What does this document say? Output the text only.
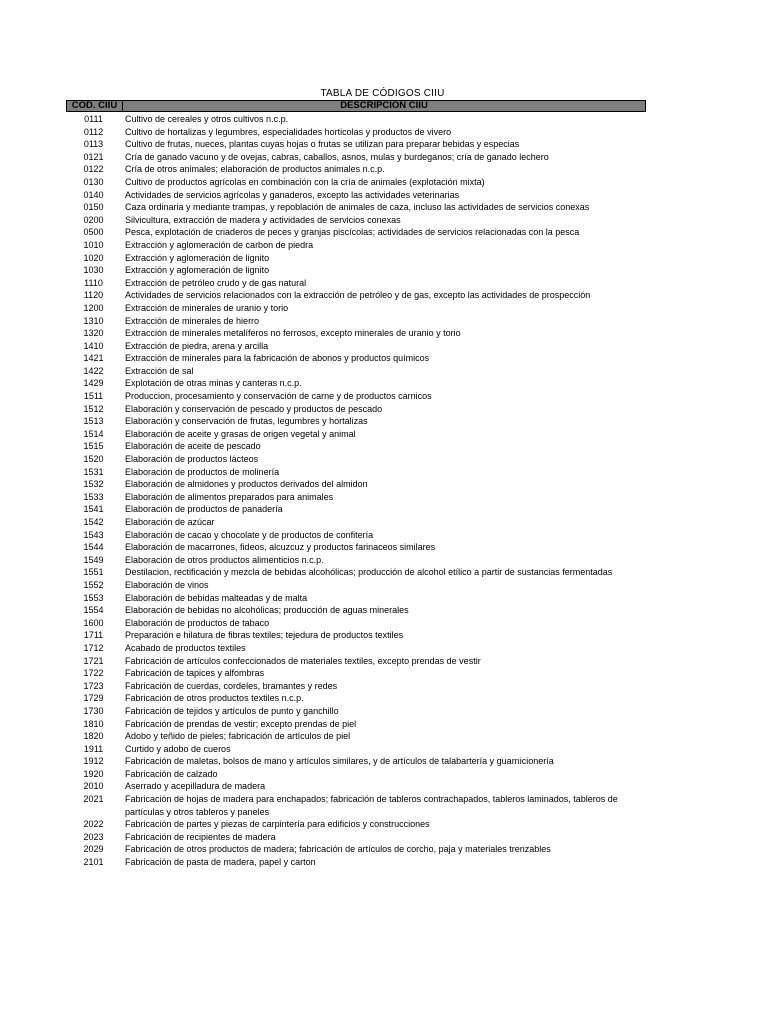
TABLA DE CÓDIGOS CIIU
COD. CIIU	DESCRIPCION CIIU
0111	Cultivo de cereales y otros cultivos n.c.p.
0112	Cultivo de hortalizas y legumbres, especialidades horticolas y productos de vivero
0113	Cultivo de frutas, nueces, plantas cuyas hojas o frutas se utilizan para preparar bebidas y especias
0121	Cría de ganado vacuno y de ovejas, cabras, caballos, asnos, mulas y burdeganos; cría de ganado lechero
0122	Cría de otros animales; elaboración de productos animales n.c.p.
0130	Cultivo de productos agrícolas en combinación con la cría de animales (explotación mixta)
0140	Actividades de servicios agrícolas y ganaderos, excepto las actividades veterinarias
0150	Caza ordinaria y mediante trampas, y repoblación de animales de caza, incluso las actividades de servicios conexas
0200	Silvicultura, extracción de madera y actividades de servicios conexas
0500	Pesca, explotación de criaderos de peces y granjas piscícolas; actividades de servicios relacionadas con la pesca
1010	Extracción y aglomeración de carbon de piedra
1020	Extracción y aglomeración de lignito
1030	Extracción y aglomeración de lignito
1110	Extracción de petróleo crudo y de gas natural
1120	Actividades de servicios relacionados con la extracción de petróleo y de gas, excepto las actividades de prospección
1200	Extracción de minerales de uranio y torio
1310	Extracción de minerales de hierro
1320	Extracción de minerales metalíferos no ferrosos, excepto minerales de uranio y torio
1410	Extracción de piedra, arena y arcilla
1421	Extracción de minerales para la fabricación de abonos y productos químicos
1422	Extracción de sal
1429	Explotación de otras minas y canteras n.c.p.
1511	Produccion, procesamiento y conservación de carne y de productos carnicos
1512	Elaboración y conservación de pescado y productos de pescado
1513	Elaboración y conservación de frutas, legumbres y hortalizas
1514	Elaboración de aceite y grasas de origen vegetal y animal
1515	Elaboración de aceite de pescado
1520	Elaboración de productos lácteos
1531	Elaboración de productos de molinería
1532	Elaboración de almidones y productos derivados del almidon
1533	Elaboración de alimentos preparados para animales
1541	Elaboración de productos de panadería
1542	Elaboración de azúcar
1543	Elaboración de cacao y chocolate y de productos de confitería
1544	Elaboración de macarrones, fideos, alcuzcuz y productos farinaceos similares
1549	Elaboración de otros productos alimenticios n.c.p.
1551	Destilacion, rectificación y mezcla de bebidas alcohólicas; producción de alcohol etílico a partir de sustancias fermentadas
1552	Elaboración de vinos
1553	Elaboración de bebidas malteadas y de malta
1554	Elaboración de bebidas no alcohólicas; producción de aguas minerales
1600	Elaboración de productos de tabaco
1711	Preparación e hilatura de fibras textiles; tejedura de productos textiles
1712	Acabado de productos textiles
1721	Fabricación de artículos confeccionados de materiales textiles, excepto prendas de vestir
1722	Fabricación de tapices y alfombras
1723	Fabricación de cuerdas, cordeles, bramantes y redes
1729	Fabricación de otros productos textiles n.c.p.
1730	Fabricación de tejidos y artículos de punto y ganchillo
1810	Fabricación de prendas de vestir; excepto prendas de piel
1820	Adobo y teñido de pieles; fabricación de artículos de piel
1911	Curtido y adobo de cueros
1912	Fabricación de maletas, bolsos de mano y artículos similares, y de artículos de talabartería y guarnicionería
1920	Fabricación de calzado
2010	Aserrado y acepilladura de madera
2021	Fabricación de hojas de madera para enchapados; fabricación de tableros contrachapados, tableros laminados, tableros de partículas y otros tableros y paneles
2022	Fabricación de partes y piezas de carpintería para edificios y construcciones
2023	Fabricación de recipientes de madera
2029	Fabricación de otros productos de madera; fabricación de artículos de corcho, paja y materiales trenzables
2101	Fabricación de pasta de madera, papel y carton
